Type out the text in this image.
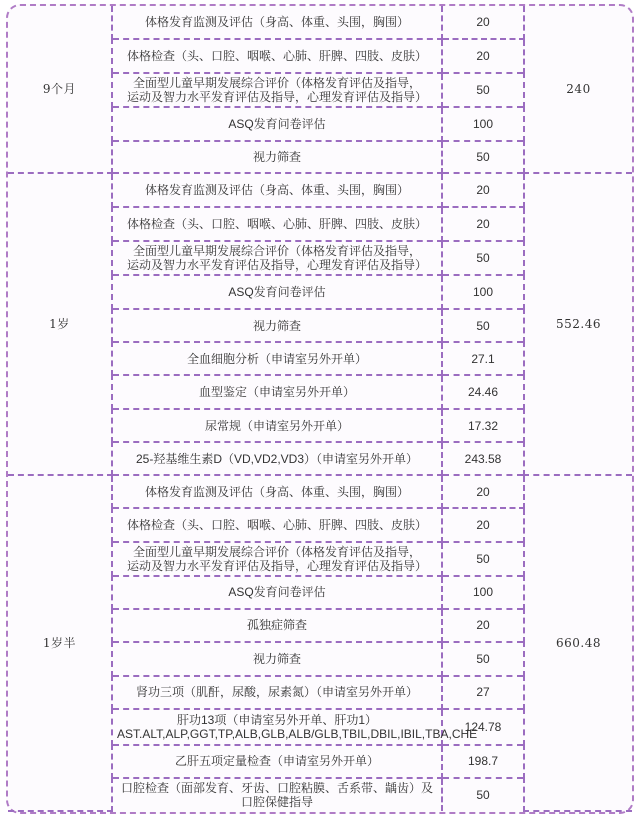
9个月	体格发育监测及评估（身高、体重、头围，胸围）	20	240
	体格检查（头、口腔、咽喉、心肺、肝脾、四肢、皮肤）	20	
	全面型儿童早期发展综合评价（体格发育评估及指导，
运动及智力水平发育评估及指导，心理发育评估及指导）	50	
	ASQ发育问卷评估	100	
	视力筛查	50	
1岁	体格发育监测及评估（身高、体重、头围，胸围）	20	552.46
	体格检查（头、口腔、咽喉、心肺、肝脾、四肢、皮肤）	20	
	全面型儿童早期发展综合评价（体格发育评估及指导，
运动及智力水平发育评估及指导，心理发育评估及指导）	50	
	ASQ发育问卷评估	100	
	视力筛查	50	
	全血细胞分析（申请室另外开单）	27.1	
	血型鉴定（申请室另外开单）	24.46	
	尿常规（申请室另外开单）	17.32	
	25-羟基维生素D（VD,VD2,VD3）（申请室另外开单）	243.58	
1岁半	体格发育监测及评估（身高、体重、头围，胸围）	20	660.48
	体格检查（头、口腔、咽喉、心肺、肝脾、四肢、皮肤）	20	
	全面型儿童早期发展综合评价（体格发育评估及指导，
运动及智力水平发育评估及指导，心理发育评估及指导）	50	
	ASQ发育问卷评估	100	
	孤独症筛查	20	
	视力筛查	50	
	肾功三项（肌酐，尿酸，尿素氮）（申请室另外开单）	27	
	肝功13项（申请室另外开单、肝功1）
AST.ALT,ALP,GGT,TP,ALB,GLB,ALB/GLB,TBIL,DBIL,IBIL,TBA,CHE	124.78	
	乙肝五项定量检查（申请室另外开单）	198.7	
	口腔检查（面部发育、牙齿、口腔粘膜、舌系带、龋齿）及口腔保健指导	50	
